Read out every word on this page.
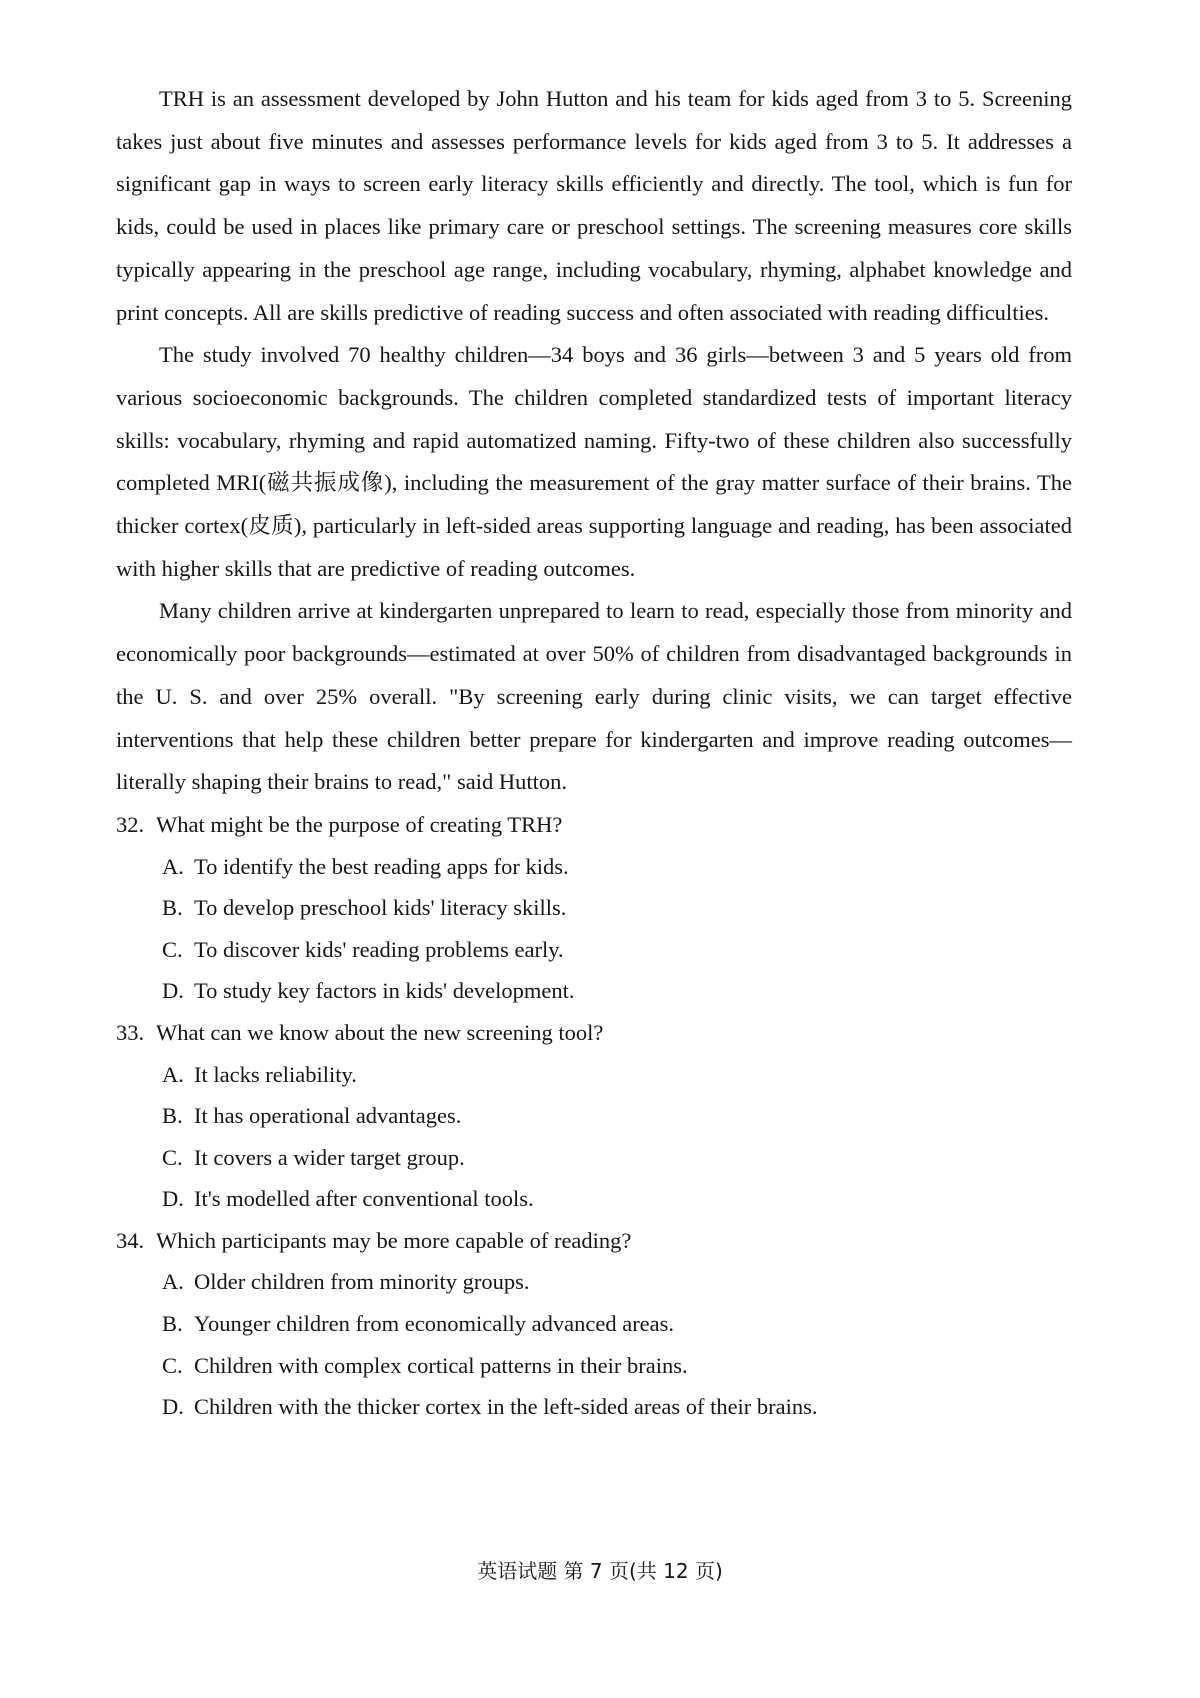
TRH is an assessment developed by John Hutton and his team for kids aged from 3 to 5. Screening takes just about five minutes and assesses performance levels for kids aged from 3 to 5. It addresses a significant gap in ways to screen early literacy skills efficiently and directly. The tool, which is fun for kids, could be used in places like primary care or preschool settings. The screening measures core skills typically appearing in the preschool age range, including vocabulary, rhyming, alphabet knowledge and print concepts. All are skills predictive of reading success and often associated with reading difficulties.

The study involved 70 healthy children—34 boys and 36 girls—between 3 and 5 years old from various socioeconomic backgrounds. The children completed standardized tests of important literacy skills: vocabulary, rhyming and rapid automatized naming. Fifty-two of these children also successfully completed MRI(磁共振成像), including the measurement of the gray matter surface of their brains. The thicker cortex(皮质), particularly in left-sided areas supporting language and reading, has been associated with higher skills that are predictive of reading outcomes.

Many children arrive at kindergarten unprepared to learn to read, especially those from minority and economically poor backgrounds—estimated at over 50% of children from disadvantaged backgrounds in the U. S. and over 25% overall. "By screening early during clinic visits, we can target effective interventions that help these children better prepare for kindergarten and improve reading outcomes—literally shaping their brains to read," said Hutton.

32. What might be the purpose of creating TRH?

A. To identify the best reading apps for kids.
B. To develop preschool kids' literacy skills.
C. To discover kids' reading problems early.
D. To study key factors in kids' development.

33. What can we know about the new screening tool?

A. It lacks reliability.
B. It has operational advantages.
C. It covers a wider target group.
D. It's modelled after conventional tools.

34. Which participants may be more capable of reading?

A. Older children from minority groups.
B. Younger children from economically advanced areas.
C. Children with complex cortical patterns in their brains.
D. Children with the thicker cortex in the left-sided areas of their brains.
英语试题 第 7 页(共 12 页)
